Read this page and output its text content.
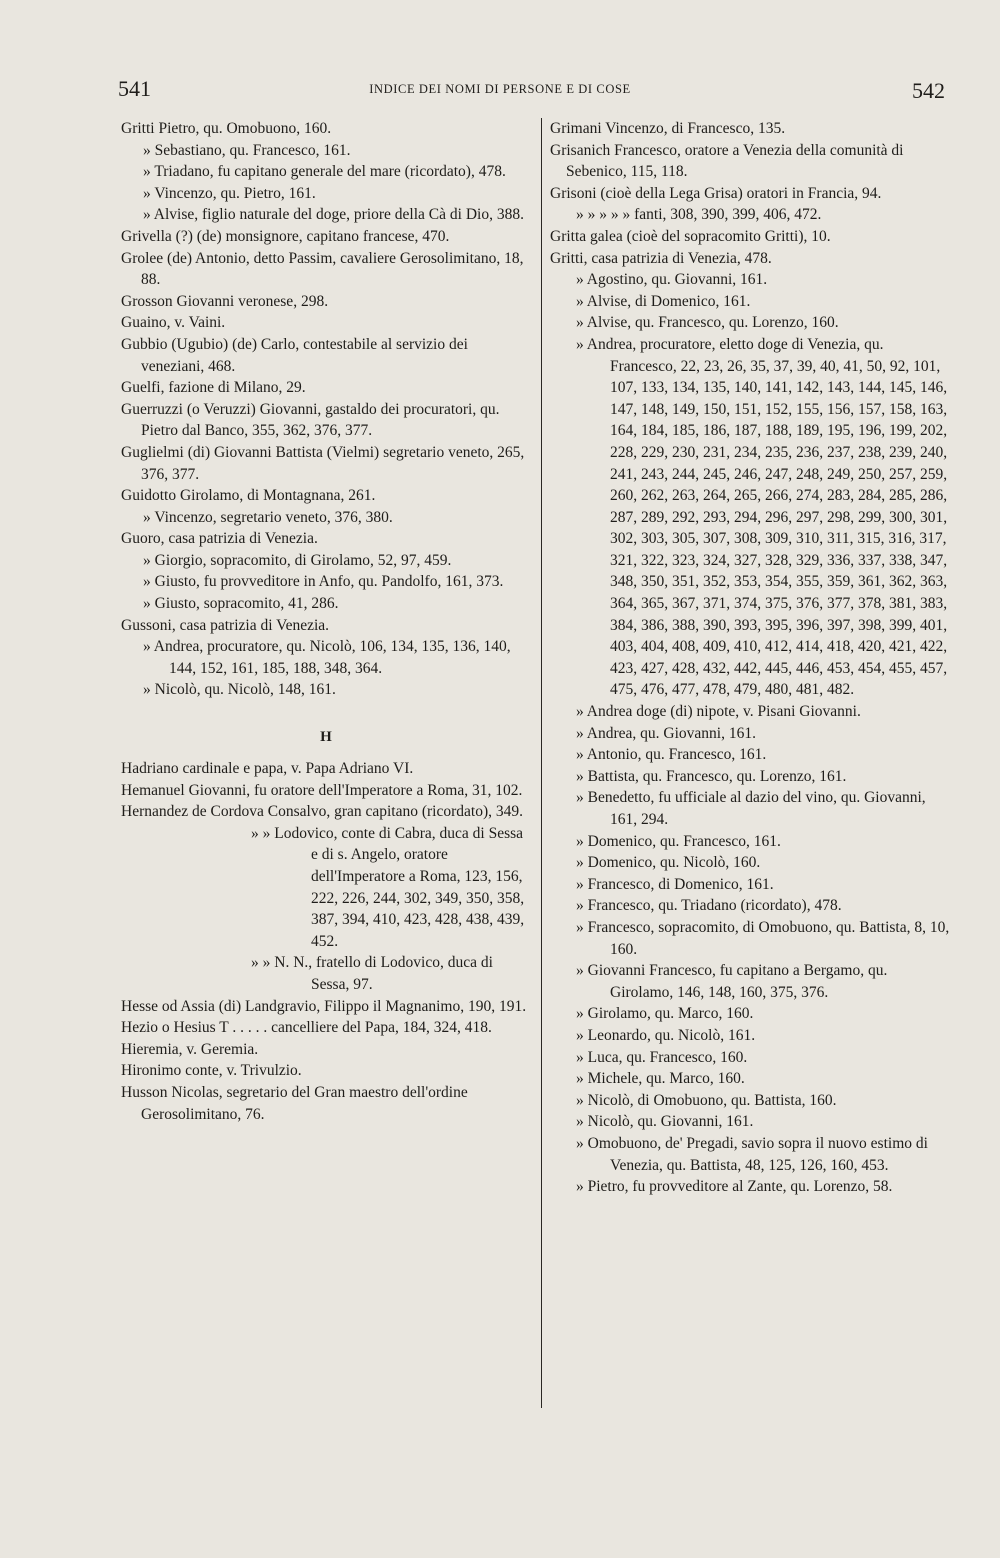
541	INDICE DEI NOMI DI PERSONE E DI COSE	542
Gritti Pietro, qu. Omobuono, 160.
» Sebastiano, qu. Francesco, 161.
» Triadano, fu capitano generale del mare (ricordato), 478.
» Vincenzo, qu. Pietro, 161.
» Alvise, figlio naturale del doge, priore della Cà di Dio, 388.
Grivella (?) (de) monsignore, capitano francese, 470.
Grolee (de) Antonio, detto Passim, cavaliere Gerosolimitano, 18, 88.
Grosson Giovanni veronese, 298.
Guaino, v. Vaini.
Gubbio (Ugubio) (de) Carlo, contestabile al servizio dei veneziani, 468.
Guelfi, fazione di Milano, 29.
Guerruzzi (o Veruzzi) Giovanni, gastaldo dei procuratori, qu. Pietro dal Banco, 355, 362, 376, 377.
Guglielmi (di) Giovanni Battista (Vielmi) segretario veneto, 265, 376, 377.
Guidotto Girolamo, di Montagnana, 261.
» Vincenzo, segretario veneto, 376, 380.
Guoro, casa patrizia di Venezia.
» Giorgio, sopracomito, di Girolamo, 52, 97, 459.
» Giusto, fu provveditore in Anfo, qu. Pandolfo, 161, 373.
» Giusto, sopracomito, 41, 286.
Gussoni, casa patrizia di Venezia.
» Andrea, procuratore, qu. Nicolò, 106, 134, 135, 136, 140, 144, 152, 161, 185, 188, 348, 364.
» Nicolò, qu. Nicolò, 148, 161.
H
Hadriano cardinale e papa, v. Papa Adriano VI.
Hemanuel Giovanni, fu oratore dell'Imperatore a Roma, 31, 102.
Hernandez de Cordova Consalvo, gran capitano (ricordato), 349.
» » Lodovico, conte di Cabra, duca di Sessa e di s. Angelo, oratore dell'Imperatore a Roma, 123, 156, 222, 226, 244, 302, 349, 350, 358, 387, 394, 410, 423, 428, 438, 439, 452.
» » N. N., fratello di Lodovico, duca di Sessa, 97.
Hesse od Assia (di) Landgravio, Filippo il Magnanimo, 190, 191.
Hezio o Hesius T . . . . . cancelliere del Papa, 184, 324, 418.
Hieremia, v. Geremia.
Hironimo conte, v. Trivulzio.
Husson Nicolas, segretario del Gran maestro dell'ordine Gerosolimitano, 76.
Grimani Vincenzo, di Francesco, 135.
Grisanich Francesco, oratore a Venezia della comunità di Sebenico, 115, 118.
Grisoni (cioè della Lega Grisa) oratori in Francia, 94.
» » » » » fanti, 308, 390, 399, 406, 472.
Gritta galea (cioè del sopracomito Gritti), 10.
Gritti, casa patrizia di Venezia, 478.
» Agostino, qu. Giovanni, 161.
» Alvise, di Domenico, 161.
» Alvise, qu. Francesco, qu. Lorenzo, 160.
» Andrea, procuratore, eletto doge di Venezia, qu. Francesco, 22, 23, 26, 35, 37, 39, 40, 41, 50, 92, 101, 107, 133, 134, 135, 140, 141, 142, 143, 144, 145, 146, 147, 148, 149, 150, 151, 152, 155, 156, 157, 158, 163, 164, 184, 185, 186, 187, 188, 189, 195, 196, 199, 202, 228, 229, 230, 231, 234, 235, 236, 237, 238, 239, 240, 241, 243, 244, 245, 246, 247, 248, 249, 250, 257, 259, 260, 262, 263, 264, 265, 266, 274, 283, 284, 285, 286, 287, 289, 292, 293, 294, 296, 297, 298, 299, 300, 301, 302, 303, 305, 307, 308, 309, 310, 311, 315, 316, 317, 321, 322, 323, 324, 327, 328, 329, 336, 337, 338, 347, 348, 350, 351, 352, 353, 354, 355, 359, 361, 362, 363, 364, 365, 367, 371, 374, 375, 376, 377, 378, 381, 383, 384, 386, 388, 390, 393, 395, 396, 397, 398, 399, 401, 403, 404, 408, 409, 410, 412, 414, 418, 420, 421, 422, 423, 427, 428, 432, 442, 445, 446, 453, 454, 455, 457, 475, 476, 477, 478, 479, 480, 481, 482.
» Andrea doge (di) nipote, v. Pisani Giovanni.
» Andrea, qu. Giovanni, 161.
» Antonio, qu. Francesco, 161.
» Battista, qu. Francesco, qu. Lorenzo, 161.
» Benedetto, fu ufficiale al dazio del vino, qu. Giovanni, 161, 294.
» Domenico, qu. Francesco, 161.
» Domenico, qu. Nicolò, 160.
» Francesco, di Domenico, 161.
» Francesco, qu. Triadano (ricordato), 478.
» Francesco, sopracomito, di Omobuono, qu. Battista, 8, 10, 160.
» Giovanni Francesco, fu capitano a Bergamo, qu. Girolamo, 146, 148, 160, 375, 376.
» Girolamo, qu. Marco, 160.
» Leonardo, qu. Nicolò, 161.
» Luca, qu. Francesco, 160.
» Michele, qu. Marco, 160.
» Nicolò, di Omobuono, qu. Battista, 160.
» Nicolò, qu. Giovanni, 161.
» Omobuono, de' Pregadi, savio sopra il nuovo estimo di Venezia, qu. Battista, 48, 125, 126, 160, 453.
» Pietro, fu provveditore al Zante, qu. Lorenzo, 58.
